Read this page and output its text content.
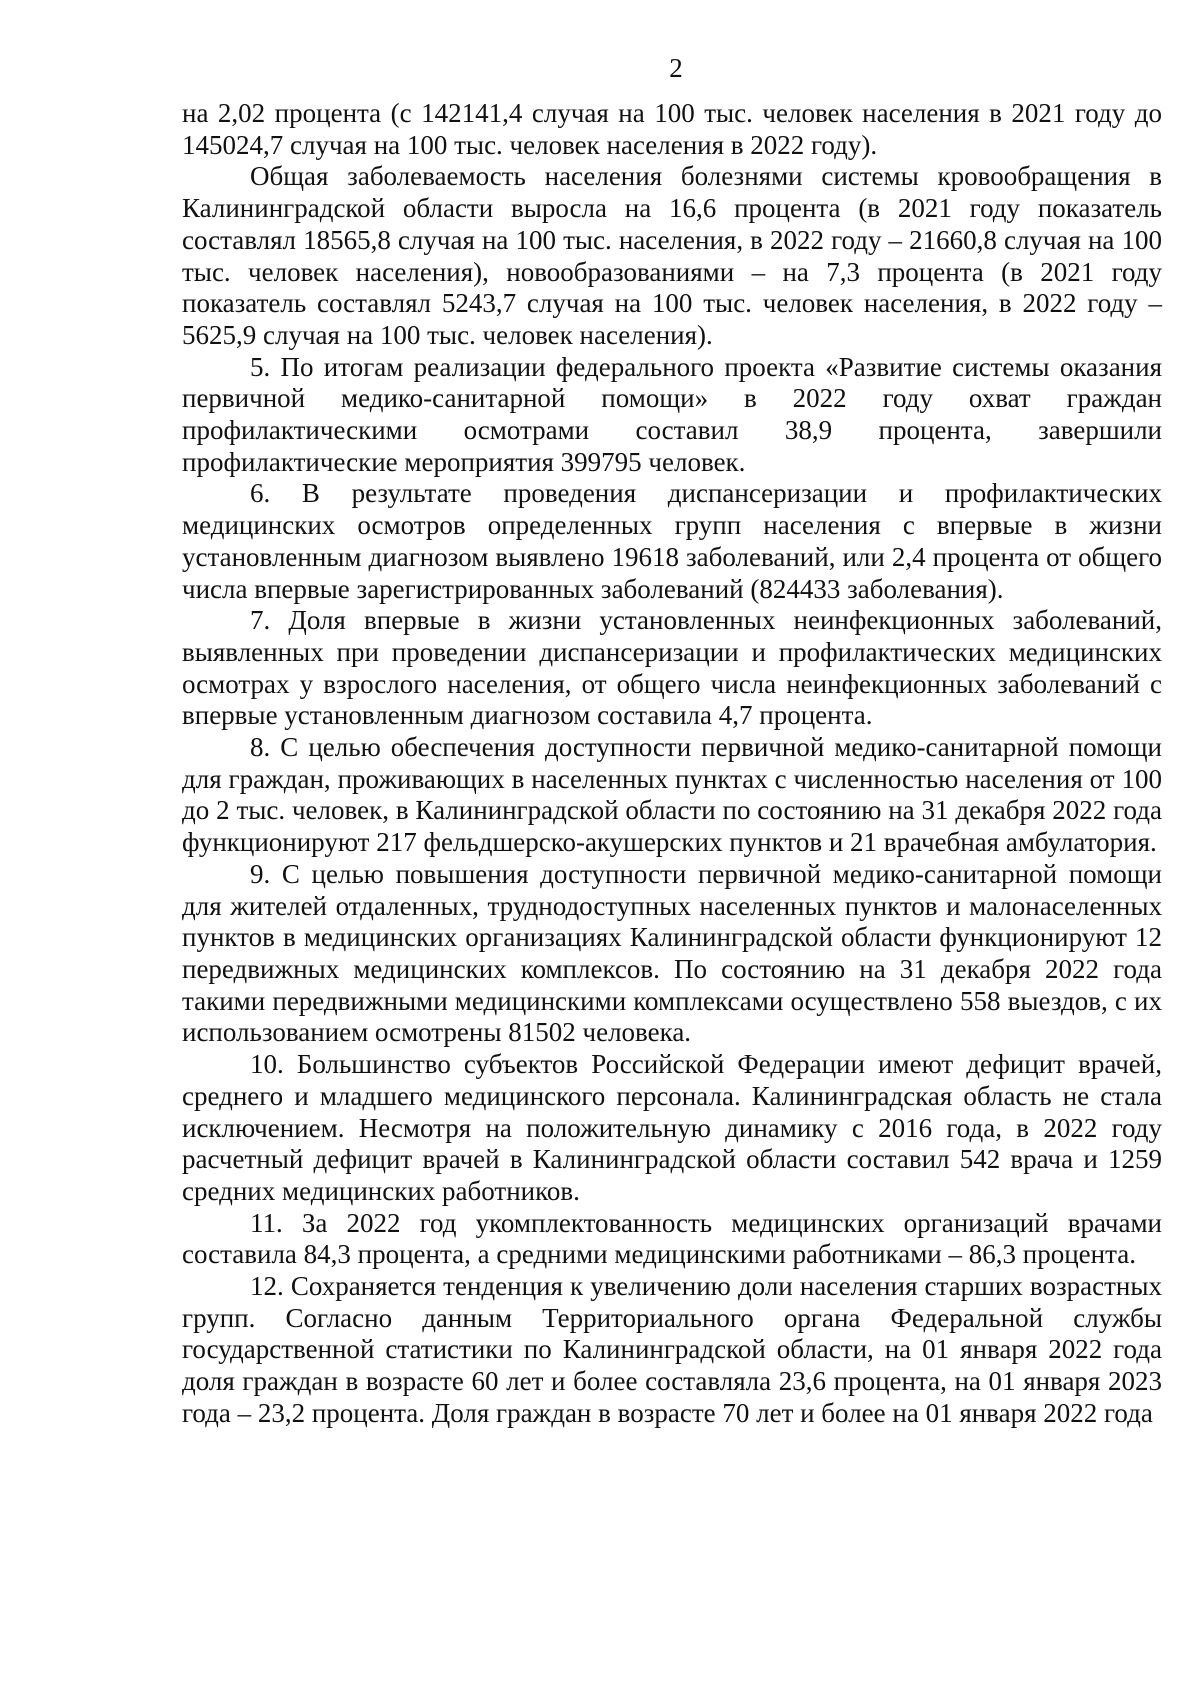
2

на 2,02 процента (с 142141,4 случая на 100 тыс. человек населения в 2021 году до 145024,7 случая на 100 тыс. человек населения в 2022 году).

Общая заболеваемость населения болезнями системы кровообращения в Калининградской области выросла на 16,6 процента (в 2021 году показатель составлял 18565,8 случая на 100 тыс. населения, в 2022 году – 21660,8 случая на 100 тыс. человек населения), новообразованиями – на 7,3 процента (в 2021 году показатель составлял 5243,7 случая на 100 тыс. человек населения, в 2022 году – 5625,9 случая на 100 тыс. человек населения).

5. По итогам реализации федерального проекта «Развитие системы оказания первичной медико-санитарной помощи» в 2022 году охват граждан профилактическими осмотрами составил 38,9 процента, завершили профилактические мероприятия 399795 человек.

6. В результате проведения диспансеризации и профилактических медицинских осмотров определенных групп населения с впервые в жизни установленным диагнозом выявлено 19618 заболеваний, или 2,4 процента от общего числа впервые зарегистрированных заболеваний (824433 заболевания).

7. Доля впервые в жизни установленных неинфекционных заболеваний, выявленных при проведении диспансеризации и профилактических медицинских осмотрах у взрослого населения, от общего числа неинфекционных заболеваний с впервые установленным диагнозом составила 4,7 процента.

8. С целью обеспечения доступности первичной медико-санитарной помощи для граждан, проживающих в населенных пунктах с численностью населения от 100 до 2 тыс. человек, в Калининградской области по состоянию на 31 декабря 2022 года функционируют 217 фельдшерско-акушерских пунктов и 21 врачебная амбулатория.

9. С целью повышения доступности первичной медико-санитарной помощи для жителей отдаленных, труднодоступных населенных пунктов и малонаселенных пунктов в медицинских организациях Калининградской области функционируют 12 передвижных медицинских комплексов. По состоянию на 31 декабря 2022 года такими передвижными медицинскими комплексами осуществлено 558 выездов, с их использованием осмотрены 81502 человека.

10. Большинство субъектов Российской Федерации имеют дефицит врачей, среднего и младшего медицинского персонала. Калининградская область не стала исключением. Несмотря на положительную динамику с 2016 года, в 2022 году расчетный дефицит врачей в Калининградской области составил 542 врача и 1259 средних медицинских работников.

11. За 2022 год укомплектованность медицинских организаций врачами составила 84,3 процента, а средними медицинскими работниками – 86,3 процента.

12. Сохраняется тенденция к увеличению доли населения старших возрастных групп. Согласно данным Территориального органа Федеральной службы государственной статистики по Калининградской области, на 01 января 2022 года доля граждан в возрасте 60 лет и более составляла 23,6 процента, на 01 января 2023 года – 23,2 процента. Доля граждан в возрасте 70 лет и более на 01 января 2022 года
